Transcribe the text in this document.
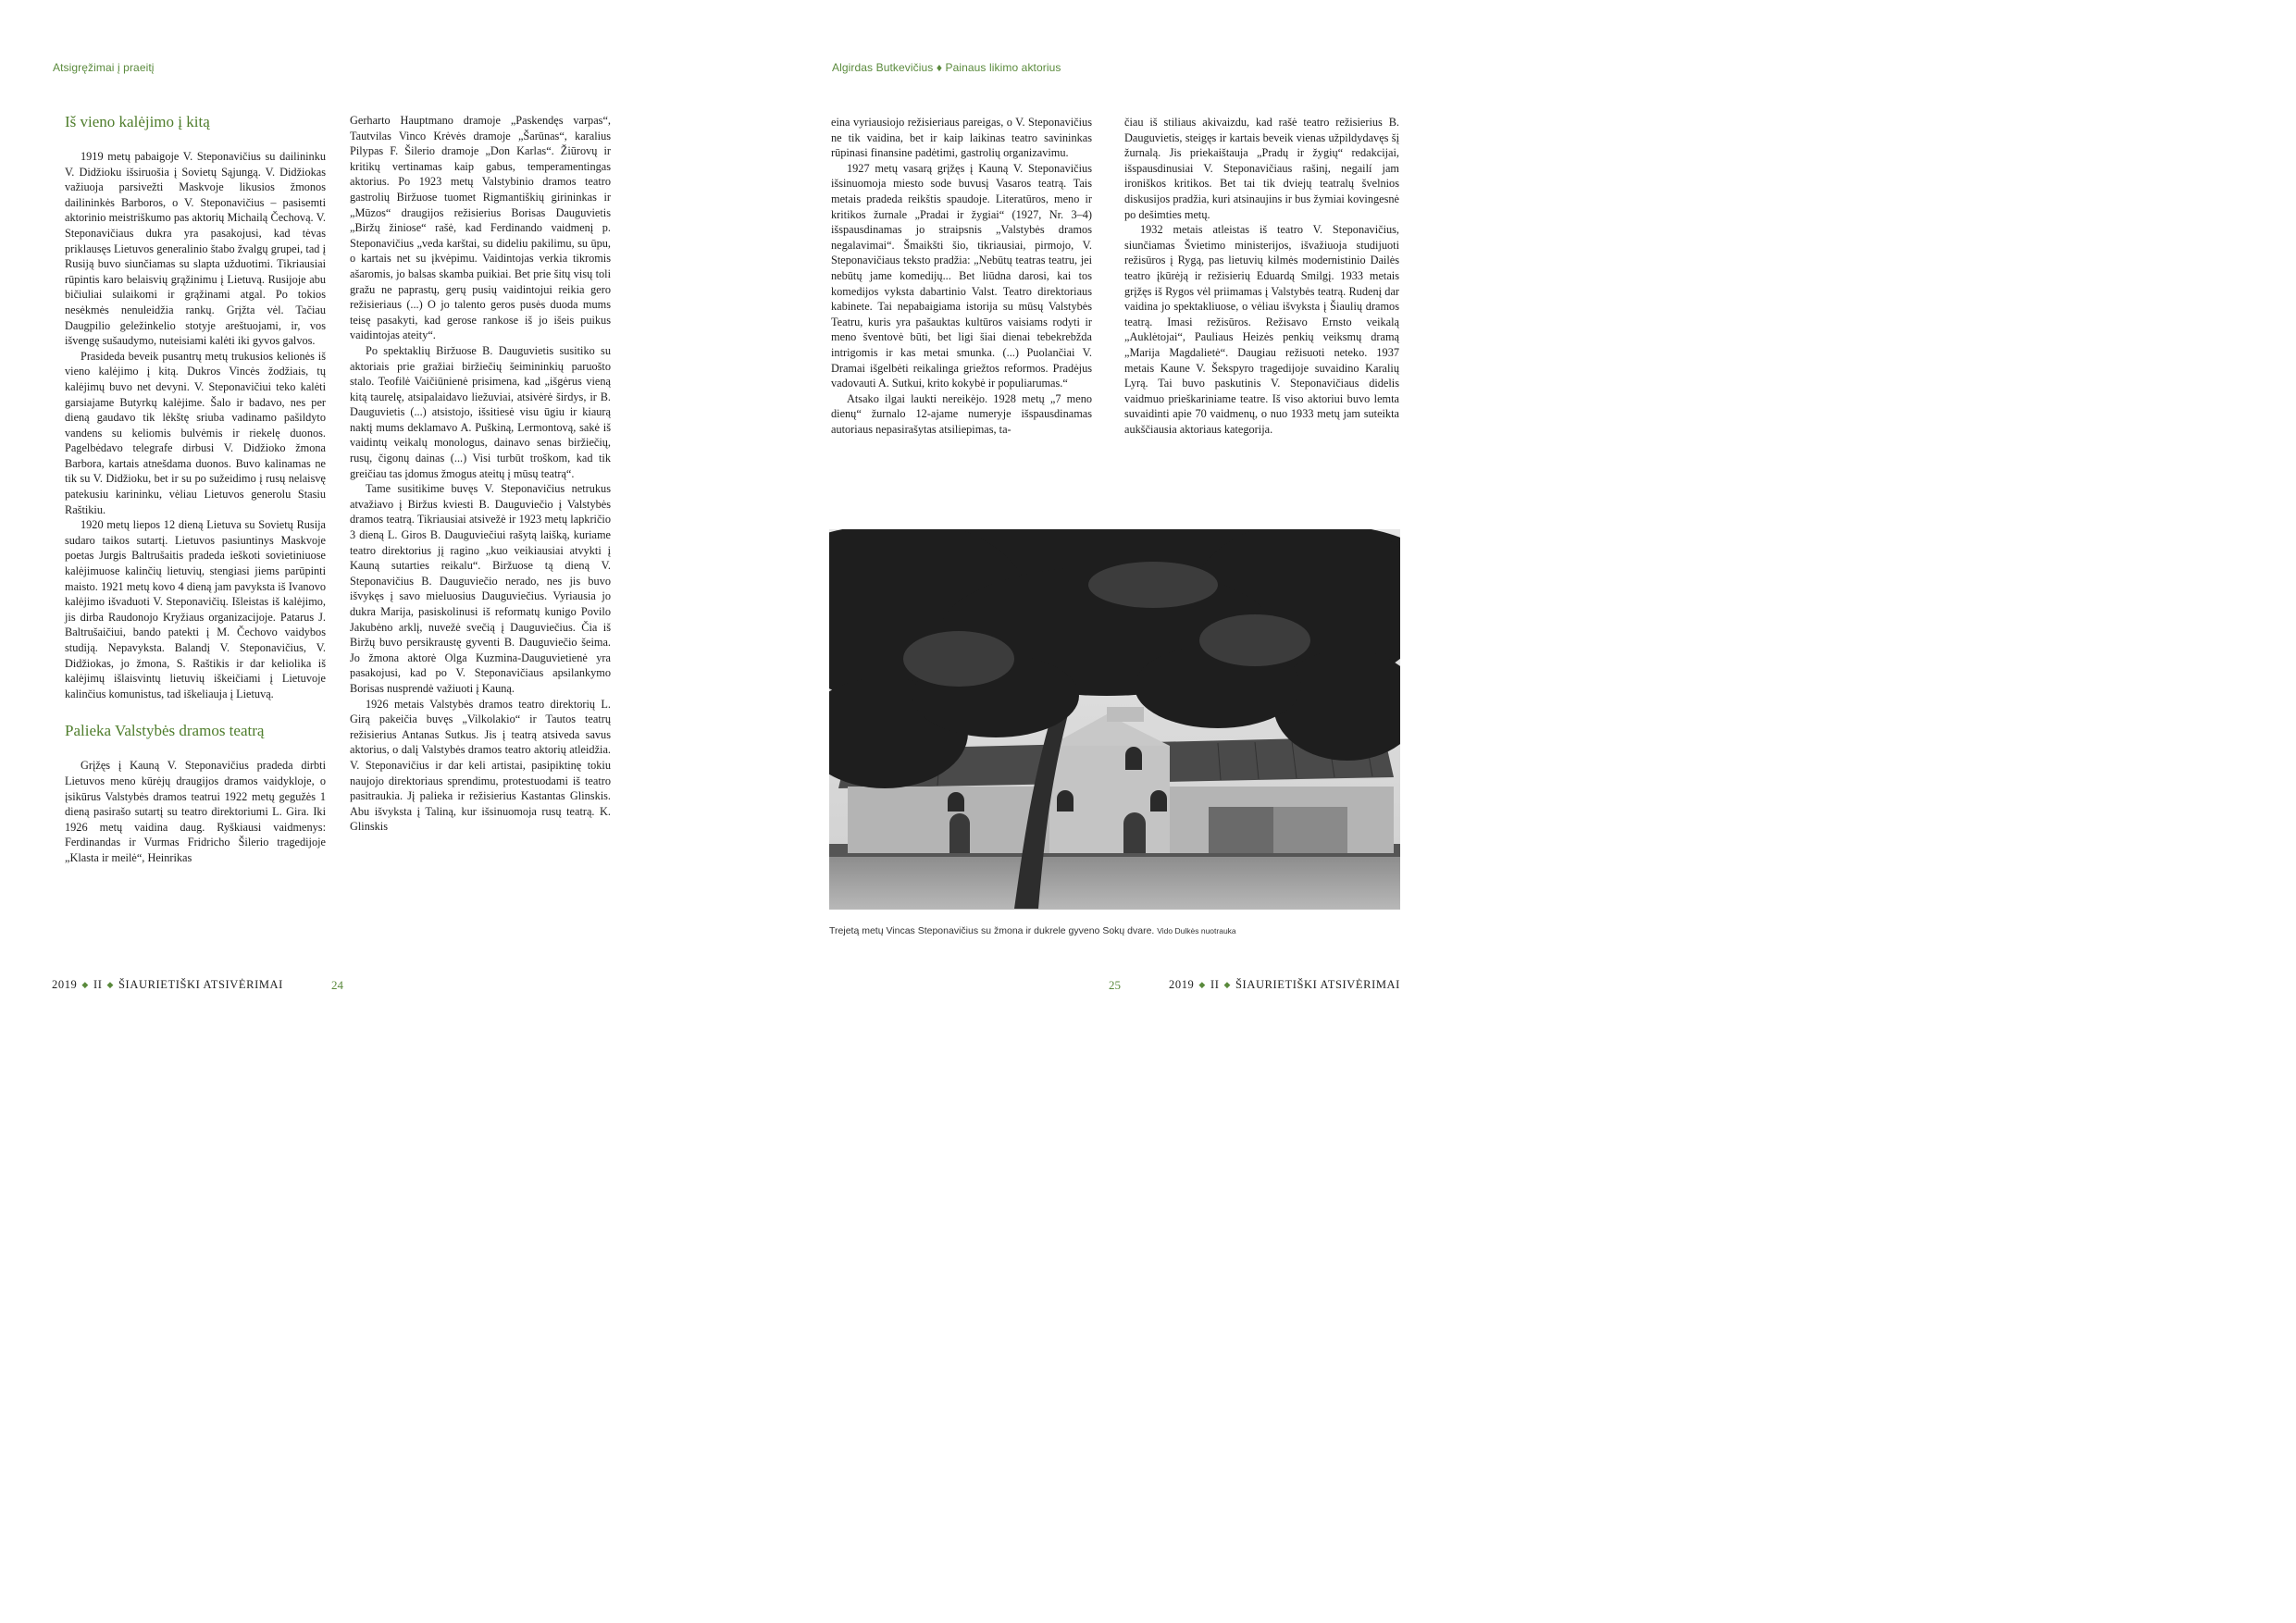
Atsigręžimai į praeitį	Algirdas Butkevičius ♦ Painaus likimo aktorius
Iš vieno kalėjimo į kitą

1919 metų pabaigoje V. Steponavičius su dailininku V. Didžioku išsiruošia į Sovietų Sąjungą. V. Didžiokas važiuoja parsivežti Maskvoje likusios žmonos dailininkės Barboros, o V. Steponavičius – pasisemti aktorinio meistriškumo pas aktorių Michailą Čechovą. V. Steponavičiaus dukra yra pasakojusi, kad tėvas priklausęs Lietuvos generalinio štabo žvalgų grupei, tad į Rusiją buvo siunčiamas su slapta užduotimi. Tikriausiai rūpintis karo belaisvių grąžinimu į Lietuvą. Rusijoje abu bičiuliai sulaikomi ir grąžinami atgal. Po tokios nesėkmės nenuleidžia rankų. Grįžta vėl. Tačiau Daugpilio geležinkelio stotyje areštuojami, ir, vos išvengę sušaudymo, nuteisiami kalėti iki gyvos galvos.

Prasideda beveik pusantrų metų trukusios kelionės iš vieno kalėjimo į kitą. Dukros Vincės žodžiais, tų kalėjimų buvo net devyni. V. Steponavičiui teko kalėti garsiajame Butyrkų kalėjime. Šalo ir badavo, nes per dieną gaudavo tik lėkštę sriuba vadinamo pašildyto vandens su keliomis bulvėmis ir riekelę duonos. Pagelbėdavo telegrafe dirbusi V. Didžioko žmona Barbora, kartais atnešdama duonos. Buvo kalinamas ne tik su V. Didžioku, bet ir su po sužeidimo į rusų nelaisvę patekusiu karininku, vėliau Lietuvos generolu Stasiu Raštikiu.

1920 metų liepos 12 dieną Lietuva su Sovietų Rusija sudaro taikos sutartį. Lietuvos pasiuntinys Maskvoje poetas Jurgis Baltrušaitis pradeda ieškoti sovietiniuose kalėjimuose kalinčių lietuvių, stengiasi jiems parūpinti maisto. 1921 metų kovo 4 dieną jam pavyksta iš Ivanovo kalėjimo išvaduoti V. Steponavičių. Išleistas iš kalėjimo, jis dirba Raudonojo Kryžiaus organizacijoje. Patarus J. Baltrušaičiui, bando patekti į M. Čechovo vaidybos studiją. Nepavyksta. Balandį V. Steponavičius, V. Didžiokas, jo žmona, S. Raštikis ir dar keliolika iš kalėjimų išlaisvintų lietuvių iškeičiami į Lietuvoje kalinčius komunistus, tad iškeliauja į Lietuvą.

Palieka Valstybės dramos teatrą

Grįžęs į Kauną V. Steponavičius pradeda dirbti Lietuvos meno kūrėjų draugijos dramos vaidykloje, o įsikūrus Valstybės dramos teatrui 1922 metų gegužės 1 dieną pasirašo sutartį su teatro direktoriumi L. Gira. Iki 1926 metų vaidina daug. Ryškiausi vaidmenys: Ferdinandas ir Vurmas Fridricho Šilerio tragedijoje „Klasta ir meilė“, Heinrikas

Gerharto Hauptmano dramoje „Paskendęs varpas“, Tautvilas Vinco Krėvės dramoje „Šarūnas“, karalius Pilypas F. Šilerio dramoje „Don Karlas“. Žiūrovų ir kritikų vertinamas kaip gabus, temperamentingas aktorius. Po 1923 metų Valstybinio dramos teatro gastrolių Biržuose tuomet Rigmantiškių girininkas ir „Mūzos“ draugijos režisierius Borisas Dauguvietis „Biržų žiniose“ rašė, kad Ferdinando vaidmenį p. Steponavičius „veda karštai, su dideliu pakilimu, su ūpu, o kartais net su įkvėpimu. Vaidintojas verkia tikromis ašaromis, jo balsas skamba puikiai. Bet prie šitų visų toli gražu ne paprastų, gerų pusių vaidintojui reikia gero režisieriaus (...) O jo talento geros pusės duoda mums teisę pasakyti, kad gerose rankose iš jo išeis puikus vaidintojas ateity“.

Po spektaklių Biržuose B. Dauguvietis susitiko su aktoriais prie gražiai biržiečių šeimininkių paruošto stalo. Teofilė Vaičiūnienė prisimena, kad „išgėrus vieną kitą taurelę, atsipalaidavo liežuviai, atsivėrė širdys, ir B. Dauguvietis (...) atsistojo, išsitiesė visu ūgiu ir kiaurą naktį mums deklamavo A. Puškiną, Lermontovą, sakė iš vaidintų veikalų monologus, dainavo senas biržiečių, rusų, čigonų dainas (...) Visi turbūt troškom, kad tik greičiau tas įdomus žmogus ateitų į mūsų teatrą“.

Tame susitikime buvęs V. Steponavičius netrukus atvažiavo į Biržus kviesti B. Dauguviečio į Valstybės dramos teatrą. Tikriausiai atsivežė ir 1923 metų lapkričio 3 dieną L. Giros B. Dauguviečiui rašytą laišką, kuriame teatro direktorius jį ragino „kuo veikiausiai atvykti į Kauną sutarties reikalu“. Biržuose tą dieną V. Steponavičius B. Dauguviečio nerado, nes jis buvo išvykęs į savo mieluosius Dauguviečius. Vyriausia jo dukra Marija, pasiskolinusi iš reformatų kunigo Povilo Jakubėno arklį, nuvežė svečią į Dauguviečius. Čia iš Biržų buvo persikraustę gyventi B. Dauguviečio šeima. Jo žmona aktorė Olga Kuzmina-Dauguvietienė yra pasakojusi, kad po V. Steponavičiaus apsilankymo Borisas nusprendė važiuoti į Kauną.

1926 metais Valstybės dramos teatro direktorių L. Girą pakeičia buvęs „Vilkolakio“ ir Tautos teatrų režisierius Antanas Sutkus. Jis į teatrą atsiveda savus aktorius, o dalį Valstybės dramos teatro aktorių atleidžia. V. Steponavičius ir dar keli artistai, pasipiktinę tokiu naujojo direktoriaus sprendimu, protestuodami iš teatro pasitraukia. Jį palieka ir režisierius Kastantas Glinskis. Abu išvyksta į Taliną, kur išsinuomoja rusų teatrą. K. Glinskis

eina vyriausiojo režisieriaus pareigas, o V. Steponavičius ne tik vaidina, bet ir kaip laikinas teatro savininkas rūpinasi finansine padėtimi, gastrolių organizavimu.

1927 metų vasarą grįžęs į Kauną V. Steponavičius išsinuomoja miesto sode buvusį Vasaros teatrą. Tais metais pradeda reikštis spaudoje. Literatūros, meno ir kritikos žurnale „Pradai ir žygiai“ (1927, Nr. 3–4) išspausdinamas jo straipsnis „Valstybės dramos negalavimai“. Šmaikšti šio, tikriausiai, pirmojo, V. Steponavičiaus teksto pradžia: „Nebūtų teatras teatru, jei nebūtų jame komedijų... Bet liūdna darosi, kai tos komedijos vyksta dabartinio Valst. Teatro direktoriaus kabinete. Tai nepabaigiama istorija su mūsų Valstybės Teatru, kuris yra pašauktas kultūros vaisiams rodyti ir meno šventovė būti, bet ligi šiai dienai tebekrebžda intrigomis ir kas metai smunka. (...) Puolančiai V. Dramai išgelbėti reikalinga griežtos reformos. Pradėjus vadovauti A. Sutkui, krito kokybė ir populiarumas.“

Atsako ilgai laukti nereikėjo. 1928 metų „7 meno dienų“ žurnalo 12-ajame numeryje išspausdinamas autoriaus nepasirašytas atsiliepimas, ta-

čiau iš stiliaus akivaizdu, kad rašė teatro režisierius B. Dauguvietis, steigęs ir kartais beveik vienas užpildydavęs šį žurnalą. Jis priekaištauja „Pradų ir žygių“ redakcijai, išspausdinusiai V. Steponavičiaus rašinį, negailí jam ironiškos kritikos. Bet tai tik dviejų teatralų švelnios diskusijos pradžia, kuri atsinaujins ir bus žymiai kovingesnė po dešimties metų.

1932 metais atleistas iš teatro V. Steponavičius, siunčiamas Švietimo ministerijos, išvažiuoja studijuoti režisūros į Rygą, pas lietuvių kilmės modernistinio Dailės teatro įkūrėją ir režisierių Eduardą Smilgį. 1933 metais grįžęs iš Rygos vėl priimamas į Valstybės teatrą. Rudenį dar vaidina jo spektakliuose, o vėliau išvyksta į Šiaulių dramos teatrą. Imasi režisūros. Režisavo Ernsto veikalą „Auklėtojai“, Pauliaus Heizės penkių veiksmų dramą „Marija Magdalietė“. Daugiau režisuoti neteko. 1937 metais Kaune V. Šekspyro tragedijoje suvaidino Karalių Lyrą. Tai buvo paskutinis V. Steponavičiaus didelis vaidmuo prieškariniame teatre. Iš viso aktoriui buvo lemta suvaidinti apie 70 vaidmenų, o nuo 1933 metų jam suteikta aukščiausia aktoriaus kategorija.

Trejetą metų Vincas Steponavičius su žmona ir dukrele gyveno Sokų dvare. Vido Dulkės nuotrauka
2019 ◆ II ◆ ŠIAURIETIŠKI ATSIVĖRIMAI	24	25	2019 ◆ II ◆ ŠIAURIETIŠKI ATSIVĖRIMAI
